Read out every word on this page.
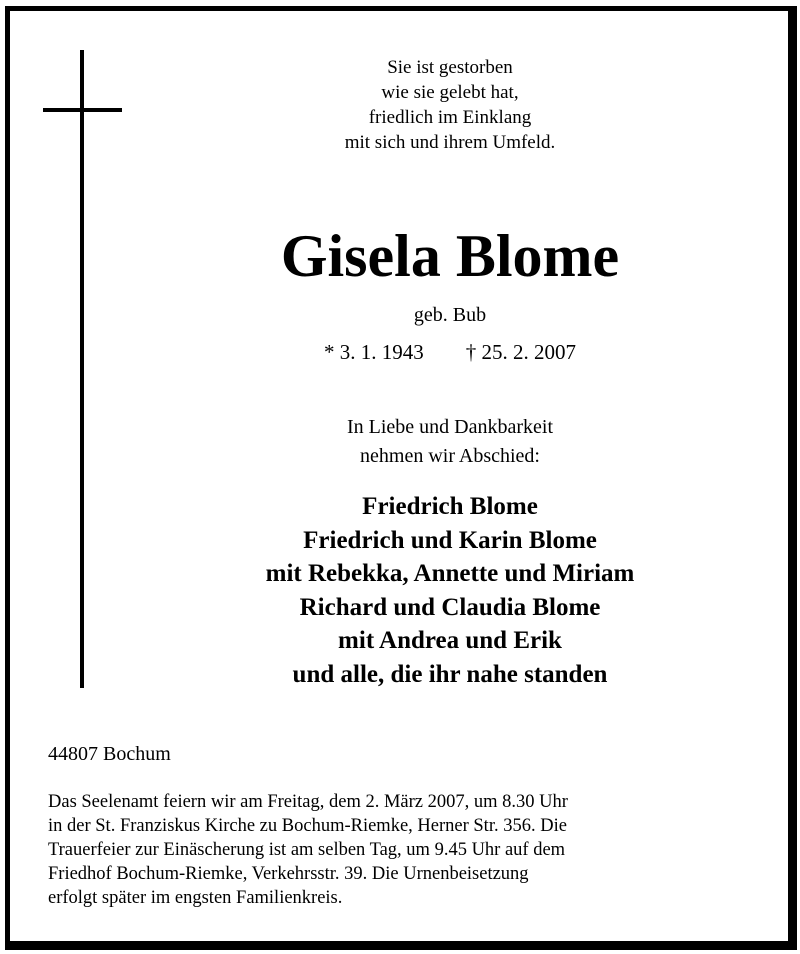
Sie ist gestorben
wie sie gelebt hat,
friedlich im Einklang
mit sich und ihrem Umfeld.
Gisela Blome
geb. Bub
* 3. 1. 1943 † 25. 2. 2007
In Liebe und Dankbarkeit
nehmen wir Abschied:
Friedrich Blome
Friedrich und Karin Blome
mit Rebekka, Annette und Miriam
Richard und Claudia Blome
mit Andrea und Erik
und alle, die ihr nahe standen
44807 Bochum
Das Seelenamt feiern wir am Freitag, dem 2. März 2007, um 8.30 Uhr
in der St. Franziskus Kirche zu Bochum-Riemke, Herner Str. 356. Die
Trauerfeier zur Einäscherung ist am selben Tag, um 9.45 Uhr auf dem
Friedhof Bochum-Riemke, Verkehrsstr. 39. Die Urnenbeisetzung
erfolgt später im engsten Familienkreis.
